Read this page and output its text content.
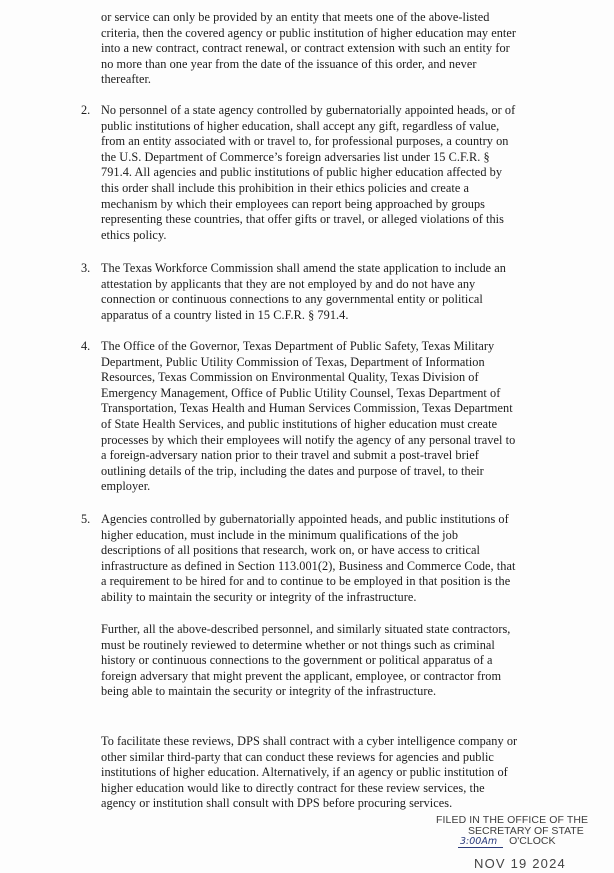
or service can only be provided by an entity that meets one of the above-listed criteria, then the covered agency or public institution of higher education may enter into a new contract, contract renewal, or contract extension with such an entity for no more than one year from the date of the issuance of this order, and never thereafter.

2. No personnel of a state agency controlled by gubernatorially appointed heads, or of public institutions of higher education, shall accept any gift, regardless of value, from an entity associated with or travel to, for professional purposes, a country on the U.S. Department of Commerce’s foreign adversaries list under 15 C.F.R. § 791.4. All agencies and public institutions of public higher education affected by this order shall include this prohibition in their ethics policies and create a mechanism by which their employees can report being approached by groups representing these countries, that offer gifts or travel, or alleged violations of this ethics policy.

3. The Texas Workforce Commission shall amend the state application to include an attestation by applicants that they are not employed by and do not have any connection or continuous connections to any governmental entity or political apparatus of a country listed in 15 C.F.R. § 791.4.

4. The Office of the Governor, Texas Department of Public Safety, Texas Military Department, Public Utility Commission of Texas, Department of Information Resources, Texas Commission on Environmental Quality, Texas Division of Emergency Management, Office of Public Utility Counsel, Texas Department of Transportation, Texas Health and Human Services Commission, Texas Department of State Health Services, and public institutions of higher education must create processes by which their employees will notify the agency of any personal travel to a foreign-adversary nation prior to their travel and submit a post-travel brief outlining details of the trip, including the dates and purpose of travel, to their employer.

5. Agencies controlled by gubernatorially appointed heads, and public institutions of higher education, must include in the minimum qualifications of the job descriptions of all positions that research, work on, or have access to critical infrastructure as defined in Section 113.001(2), Business and Commerce Code, that a requirement to be hired for and to continue to be employed in that position is the ability to maintain the security or integrity of the infrastructure.

Further, all the above-described personnel, and similarly situated state contractors, must be routinely reviewed to determine whether or not things such as criminal history or continuous connections to the government or political apparatus of a foreign adversary that might prevent the applicant, employee, or contractor from being able to maintain the security or integrity of the infrastructure.

To facilitate these reviews, DPS shall contract with a cyber intelligence company or other similar third-party that can conduct these reviews for agencies and public institutions of higher education. Alternatively, if an agency or public institution of higher education would like to directly contract for these review services, the agency or institution shall consult with DPS before procuring services.

FILED IN THE OFFICE OF THE
SECRETARY OF STATE
3:00Am O'CLOCK
NOV 19 2024
